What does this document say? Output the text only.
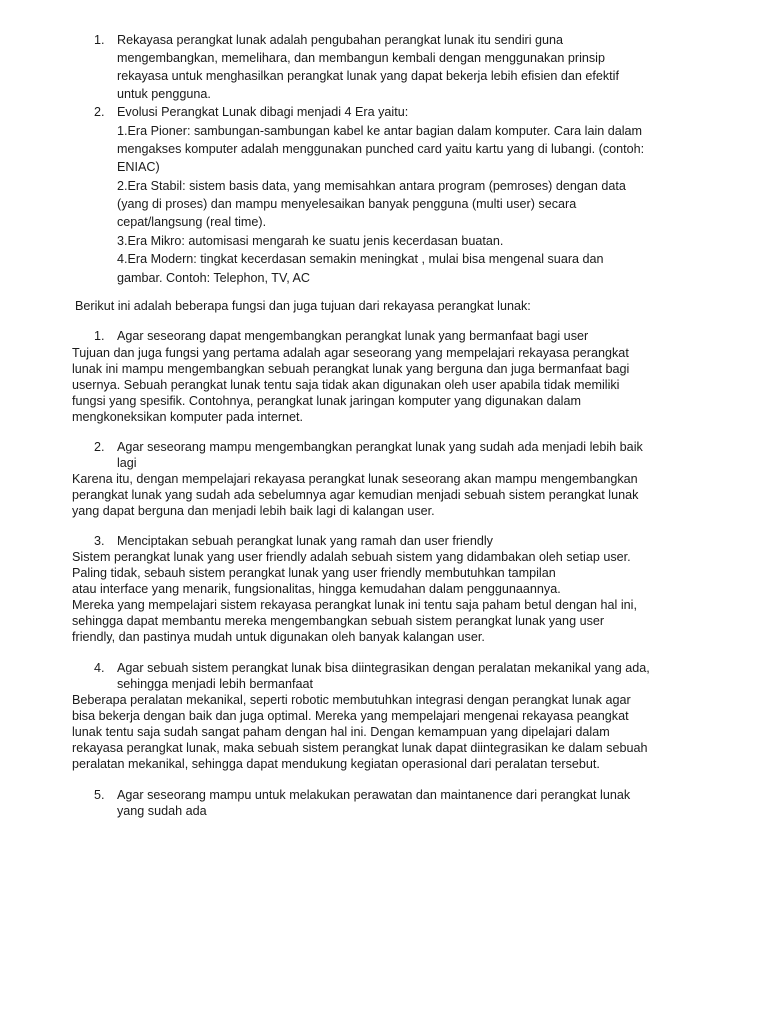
1. Rekayasa perangkat lunak adalah pengubahan perangkat lunak itu sendiri guna
mengembangkan, memelihara, dan membangun kembali dengan menggunakan prinsip
rekayasa untuk menghasilkan perangkat lunak yang dapat bekerja lebih efisien dan efektif
untuk pengguna.
2. Evolusi Perangkat Lunak dibagi menjadi 4 Era yaitu:
1.Era Pioner: sambungan-sambungan kabel ke antar bagian dalam komputer. Cara lain dalam
mengakses komputer adalah menggunakan punched card yaitu kartu yang di lubangi. (contoh:
ENIAC)
2.Era Stabil: sistem basis data, yang memisahkan antara program (pemroses) dengan data
(yang di proses) dan mampu menyelesaikan banyak pengguna (multi user) secara
cepat/langsung (real time).
3.Era Mikro: automisasi mengarah ke suatu jenis kecerdasan buatan.
4.Era Modern: tingkat kecerdasan semakin meningkat , mulai bisa mengenal suara dan
gambar. Contoh: Telephon, TV, AC
Berikut ini adalah beberapa fungsi dan juga tujuan dari rekayasa perangkat lunak:
1. Agar seseorang dapat mengembangkan perangkat lunak yang bermanfaat bagi user
Tujuan dan juga fungsi yang pertama adalah agar seseorang yang mempelajari rekayasa perangkat
lunak ini mampu mengembangkan sebuah perangkat lunak yang berguna dan juga bermanfaat bagi
usernya. Sebuah perangkat lunak tentu saja tidak akan digunakan oleh user apabila tidak memiliki
fungsi yang spesifik. Contohnya, perangkat lunak jaringan komputer yang digunakan dalam
mengkoneksikan komputer pada internet.
2. Agar seseorang mampu mengembangkan perangkat lunak yang sudah ada menjadi lebih baik
lagi
Karena itu, dengan mempelajari rekayasa perangkat lunak seseorang akan mampu mengembangkan
perangkat lunak yang sudah ada sebelumnya agar kemudian menjadi sebuah sistem perangkat lunak
yang dapat berguna dan menjadi lebih baik lagi di kalangan user.
3. Menciptakan sebuah perangkat lunak yang ramah dan user friendly
Sistem perangkat lunak yang user friendly adalah sebuah sistem yang didambakan oleh setiap user.
Paling tidak, sebauh sistem perangkat lunak yang user friendly membutuhkan tampilan
atau interface yang menarik, fungsionalitas, hingga kemudahan dalam penggunaannya.
Mereka yang mempelajari sistem rekayasa perangkat lunak ini tentu saja paham betul dengan hal ini,
sehingga dapat membantu mereka mengembangkan sebuah sistem perangkat lunak yang user
friendly, dan pastinya mudah untuk digunakan oleh banyak kalangan user.
4. Agar sebuah sistem perangkat lunak bisa diintegrasikan dengan peralatan mekanikal yang ada,
sehingga menjadi lebih bermanfaat
Beberapa peralatan mekanikal, seperti robotic membutuhkan integrasi dengan perangkat lunak agar
bisa bekerja dengan baik dan juga optimal. Mereka yang mempelajari mengenai rekayasa peangkat
lunak tentu saja sudah sangat paham dengan hal ini. Dengan kemampuan yang dipelajari dalam
rekayasa perangkat lunak, maka sebuah sistem perangkat lunak dapat diintegrasikan ke dalam sebuah
peralatan mekanikal, sehingga dapat mendukung kegiatan operasional dari peralatan tersebut.
5. Agar seseorang mampu untuk melakukan perawatan dan maintanence dari perangkat lunak
yang sudah ada
